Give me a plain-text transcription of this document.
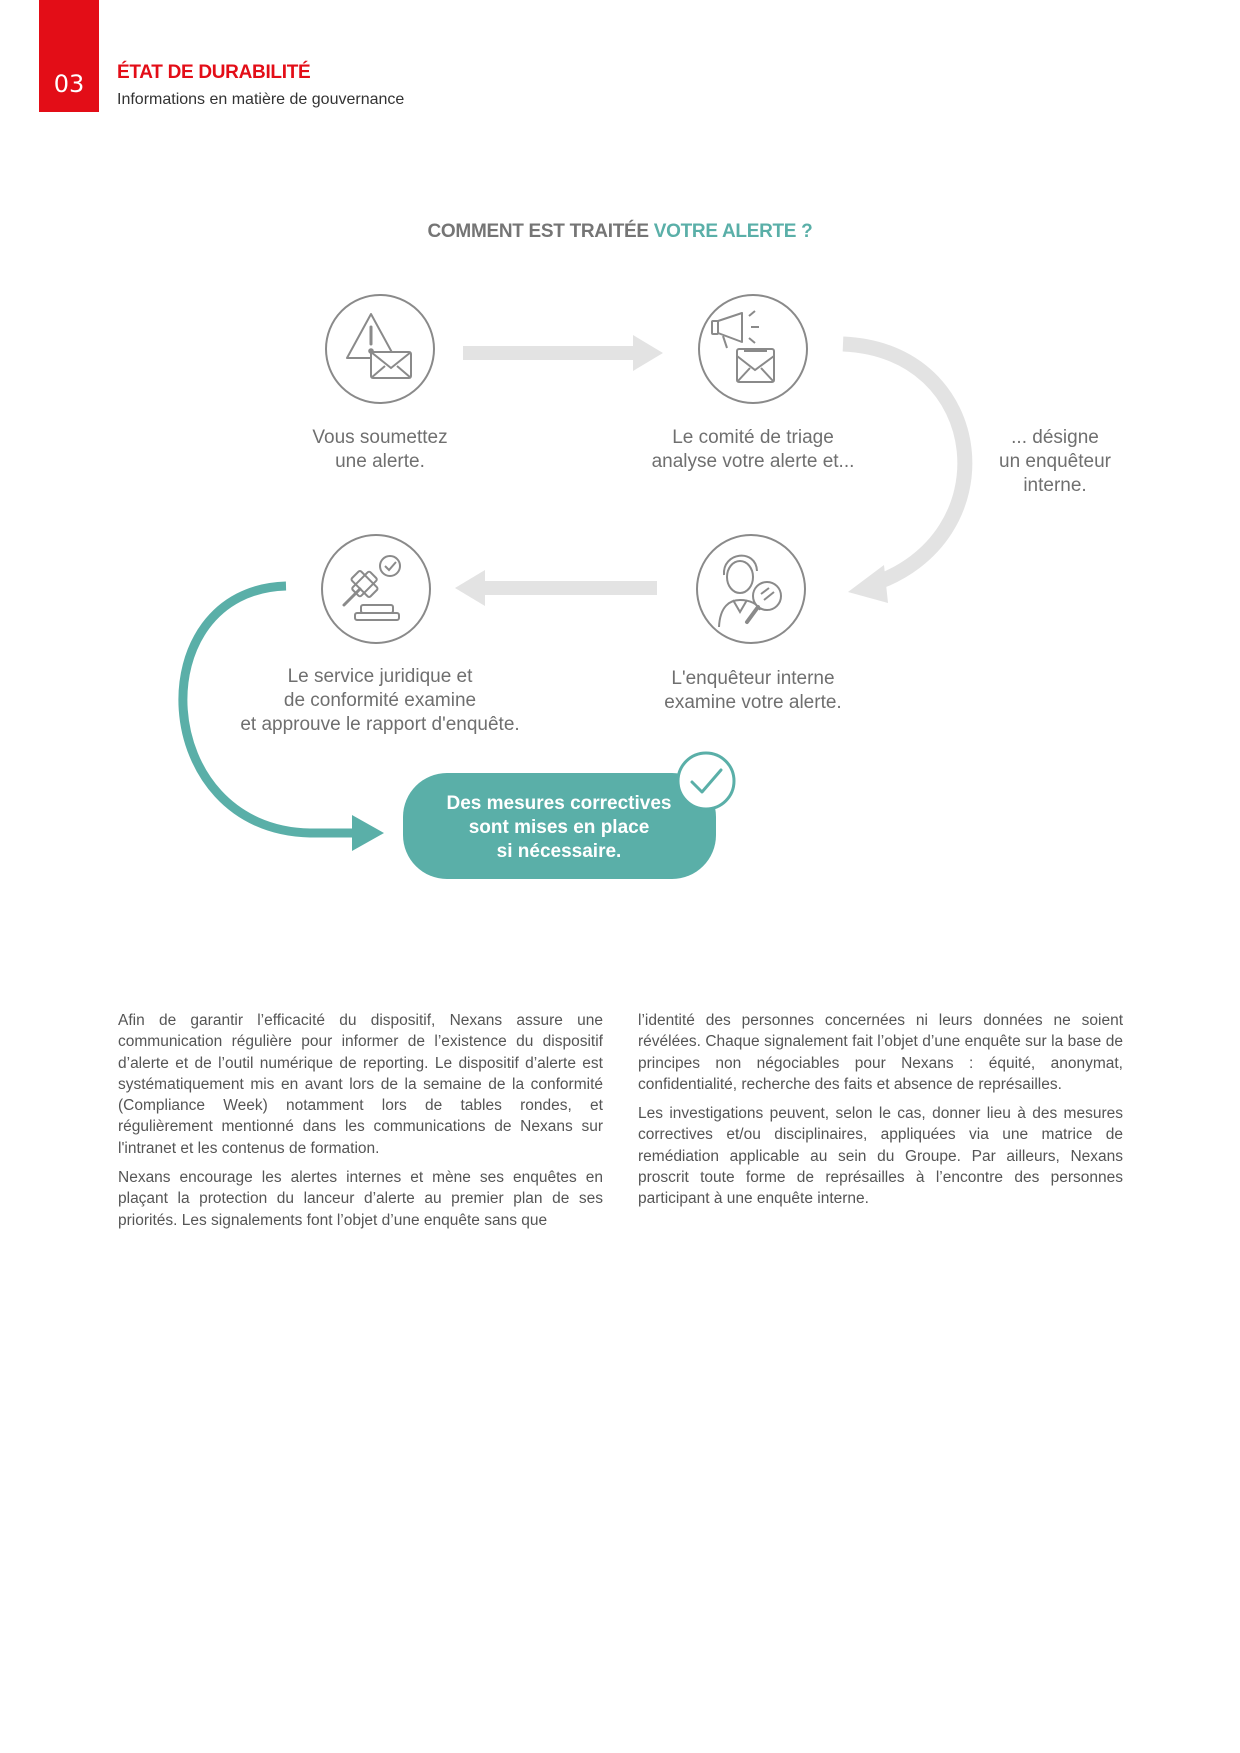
03	ÉTAT DE DURABILITÉ
Informations en matière de gouvernance
COMMENT EST TRAITÉE VOTRE ALERTE ?
Vous soumettez
une alerte.
Le comité de triage
analyse votre alerte et...
... désigne
un enquêteur
interne.
L'enquêteur interne
examine votre alerte.
Le service juridique et
de conformité examine
et approuve le rapport d'enquête.
Des mesures correctives
sont mises en place
si nécessaire.

Afin de garantir l’efficacité du dispositif, Nexans assure une communication régulière pour informer de l’existence du dispositif d’alerte et de l’outil numérique de reporting. Le dispositif d’alerte est systématiquement mis en avant lors de la semaine de la conformité (Compliance Week) notamment lors de tables rondes, et régulièrement mentionné dans les communications de Nexans sur l'intranet et les contenus de formation.

Nexans encourage les alertes internes et mène ses enquêtes en plaçant la protection du lanceur d’alerte au premier plan de ses priorités. Les signalements font l’objet d’une enquête sans que

l’identité des personnes concernées ni leurs données ne soient révélées. Chaque signalement fait l’objet d’une enquête sur la base de principes non négociables pour Nexans : équité, anonymat, confidentialité, recherche des faits et absence de représailles.

Les investigations peuvent, selon le cas, donner lieu à des mesures correctives et/ou disciplinaires, appliquées via une matrice de remédiation applicable au sein du Groupe. Par ailleurs, Nexans proscrit toute forme de représailles à l’encontre des personnes participant à une enquête interne.
